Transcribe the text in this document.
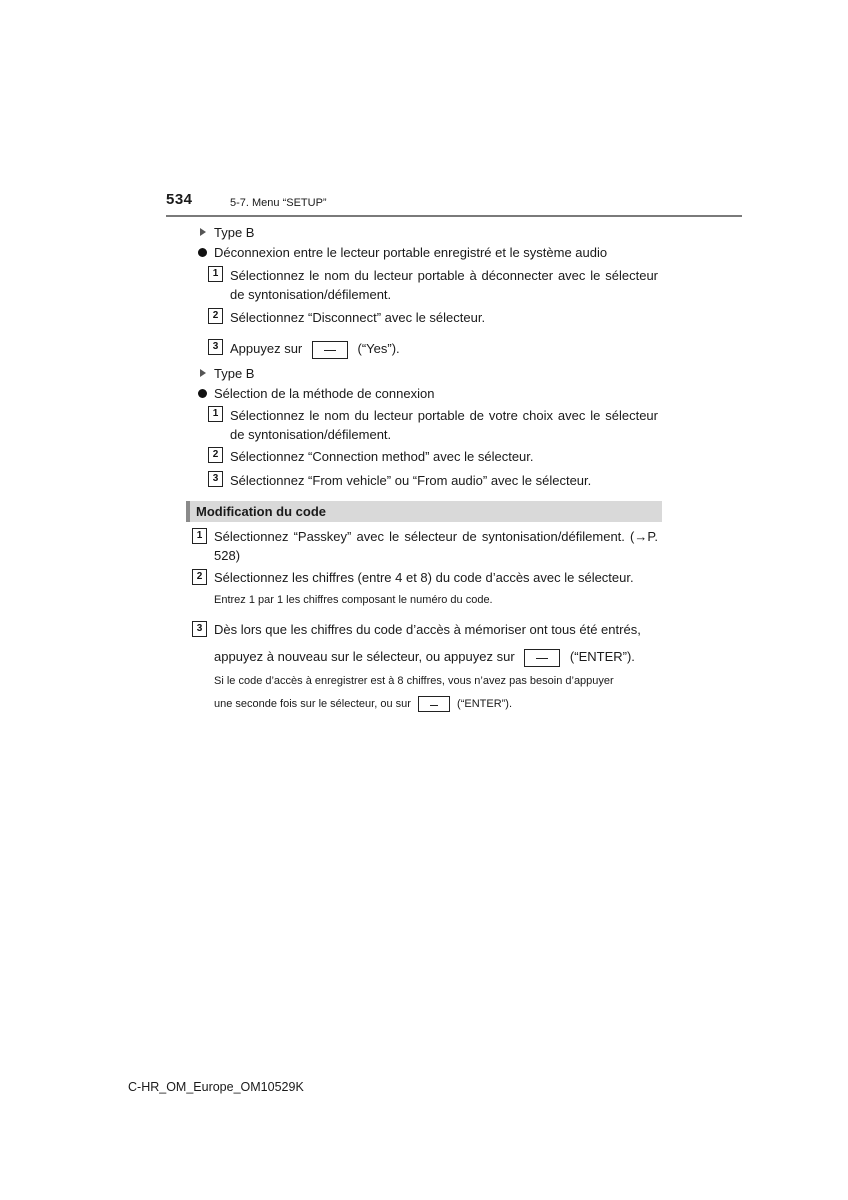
534	5-7. Menu “SETUP”
Type B
Déconnexion entre le lecteur portable enregistré et le système audio
1 Sélectionnez le nom du lecteur portable à déconnecter avec le sélecteur de syntonisation/défilement.
2 Sélectionnez “Disconnect” avec le sélecteur.
3 Appuyez sur	(“Yes”).
Type B
Sélection de la méthode de connexion
1 Sélectionnez le nom du lecteur portable de votre choix avec le sélecteur de syntonisation/défilement.
2 Sélectionnez “Connection method” avec le sélecteur.
3 Sélectionnez “From vehicle” ou “From audio” avec le sélecteur.
Modification du code
1 Sélectionnez “Passkey” avec le sélecteur de syntonisation/défilement. (→P. 528)
2 Sélectionnez les chiffres (entre 4 et 8) du code d’accès avec le sélecteur.
Entrez 1 par 1 les chiffres composant le numéro du code.
3 Dès lors que les chiffres du code d’accès à mémoriser ont tous été entrés,
appuyez à nouveau sur le sélecteur, ou appuyez sur	(“ENTER”).
Si le code d’accès à enregistrer est à 8 chiffres, vous n’avez pas besoin d’appuyer
une seconde fois sur le sélecteur, ou sur	(“ENTER”).
C-HR_OM_Europe_OM10529K
